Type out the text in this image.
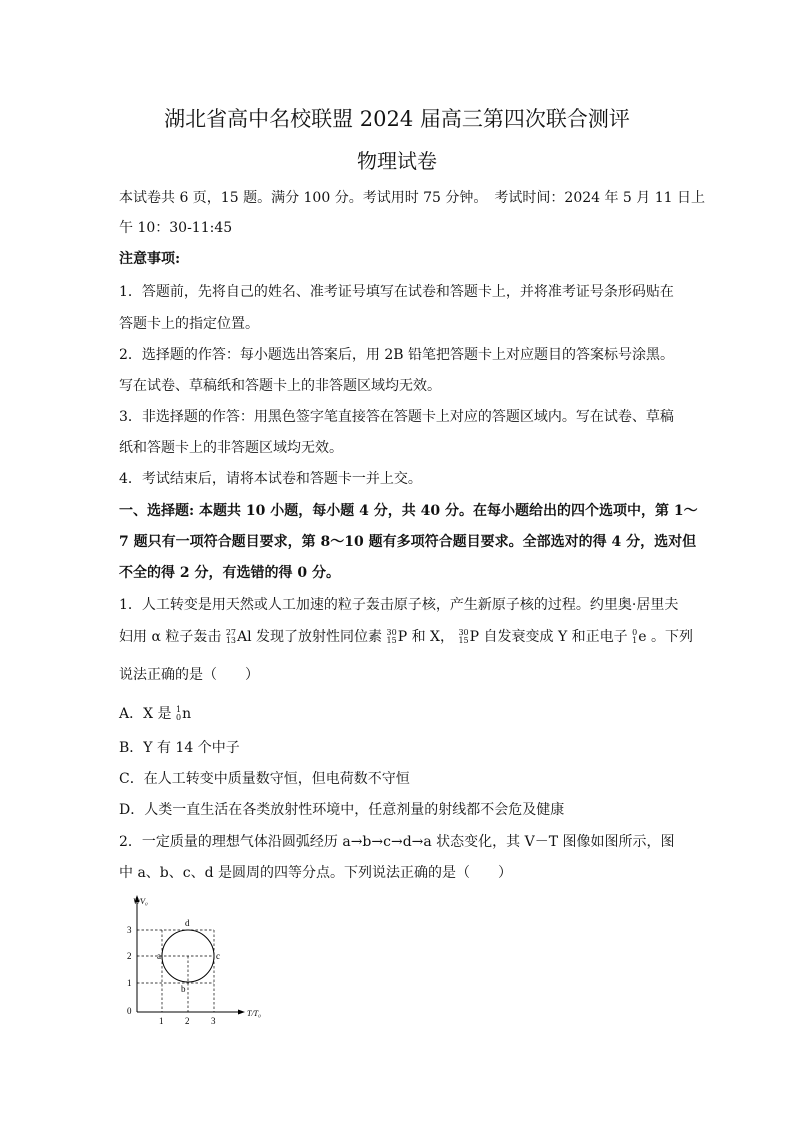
湖北省高中名校联盟 2024 届高三第四次联合测评
物理试卷
本试卷共 6 页，15 题。满分 100 分。考试用时 75 分钟。　考试时间：2024 年 5 月 11 日上
午 10：30-11:45
注意事项:
1．答题前，先将自己的姓名、准考证号填写在试卷和答题卡上，并将准考证号条形码贴在
答题卡上的指定位置。
2．选择题的作答：每小题选出答案后，用 2B 铅笔把答题卡上对应题目的答案标号涂黑。
写在试卷、草稿纸和答题卡上的非答题区域均无效。
3．非选择题的作答：用黑色签字笔直接答在答题卡上对应的答题区域内。写在试卷、草稿
纸和答题卡上的非答题区域均无效。
4．考试结束后，请将本试卷和答题卡一并上交。
一、选择题: 本题共 10 小题，每小题 4 分，共 40 分。在每小题给出的四个选项中，第 1～
7 题只有一项符合题目要求，第 8～10 题有多项符合题目要求。全部选对的得 4 分，选对但
不全的得 2 分，有选错的得 0 分。
1．人工转变是用天然或人工加速的粒子轰击原子核，产生新原子核的过程。约里奥·居里夫
妇用 α 粒子轰击 27
13 Al 发现了放射性同位素 30
15 P 和 X， 30
15 P 自发衰变成 Y 和正电子 0
1 e 。下列
说法正确的是（　　）
A．X 是 1
0 n
B．Y 有 14 个中子
C．在人工转变中质量数守恒，但电荷数不守恒
D．人类一直生活在各类放射性环境中，任意剂量的射线都不会危及健康
2．一定质量的理想气体沿圆弧经历 a→b→c→d→a 状态变化，其 V－T 图像如图所示，图
中 a、b、c、d 是圆周的四等分点。下列说法正确的是（　　）
a
b
c
d
3
2
1
0
1 2 3
V/V₀
T/T₀
